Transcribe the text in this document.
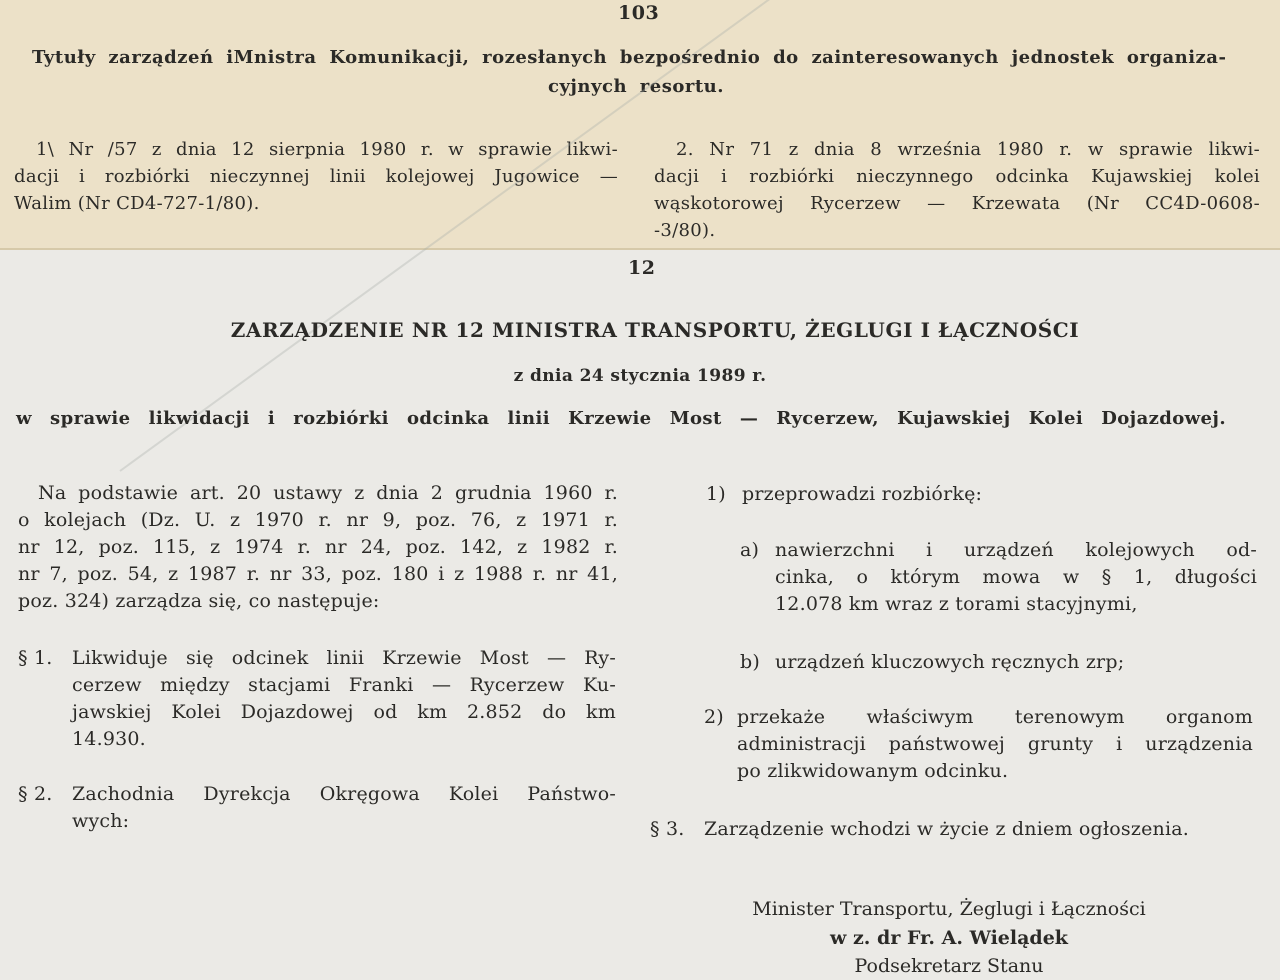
103
Tytuły zarządzeń iMnistra Komunikacji, rozesłanych bezpośrednio do zainteresowanych jednostek organiza-
cyjnych resortu.
1\ Nr /57 z dnia 12 sierpnia 1980 r. w sprawie likwi-
dacji i rozbiórki nieczynnej linii kolejowej Jugowice —
Walim (Nr CD4-727-1/80).
2. Nr 71 z dnia 8 września 1980 r. w sprawie likwi-
dacji i rozbiórki nieczynnego odcinka Kujawskiej kolei
wąskotorowej Rycerzew — Krzewata (Nr CC4D-0608-
-3/80).
12
ZARZĄDZENIE NR 12 MINISTRA TRANSPORTU, ŻEGLUGI I ŁĄCZNOŚCI
z dnia 24 stycznia 1989 r.
w sprawie likwidacji i rozbiórki odcinka linii Krzewie Most — Rycerzew, Kujawskiej Kolei Dojazdowej.
Na podstawie art. 20 ustawy z dnia 2 grudnia 1960 r.
o kolejach (Dz. U. z 1970 r. nr 9, poz. 76, z 1971 r.
nr 12, poz. 115, z 1974 r. nr 24, poz. 142, z 1982 r.
nr 7, poz. 54, z 1987 r. nr 33, poz. 180 i z 1988 r. nr 41,
poz. 324) zarządza się, co następuje:
§ 1. Likwiduje się odcinek linii Krzewie Most — Ry-
cerzew między stacjami Franki — Rycerzew Ku-
jawskiej Kolei Dojazdowej od km 2.852 do km
14.930.
§ 2. Zachodnia Dyrekcja Okręgowa Kolei Państwo-
wych:
1) przeprowadzi rozbiórkę:
a) nawierzchni i urządzeń kolejowych od-
cinka, o którym mowa w § 1, długości
12.078 km wraz z torami stacyjnymi,
b) urządzeń kluczowych ręcznych zrp;
2) przekaże właściwym terenowym organom
administracji państwowej grunty i urządzenia
po zlikwidowanym odcinku.
§ 3. Zarządzenie wchodzi w życie z dniem ogłoszenia.
Minister Transportu, Żeglugi i Łączności
w z. dr Fr. A. Wielądek
Podsekretarz Stanu
